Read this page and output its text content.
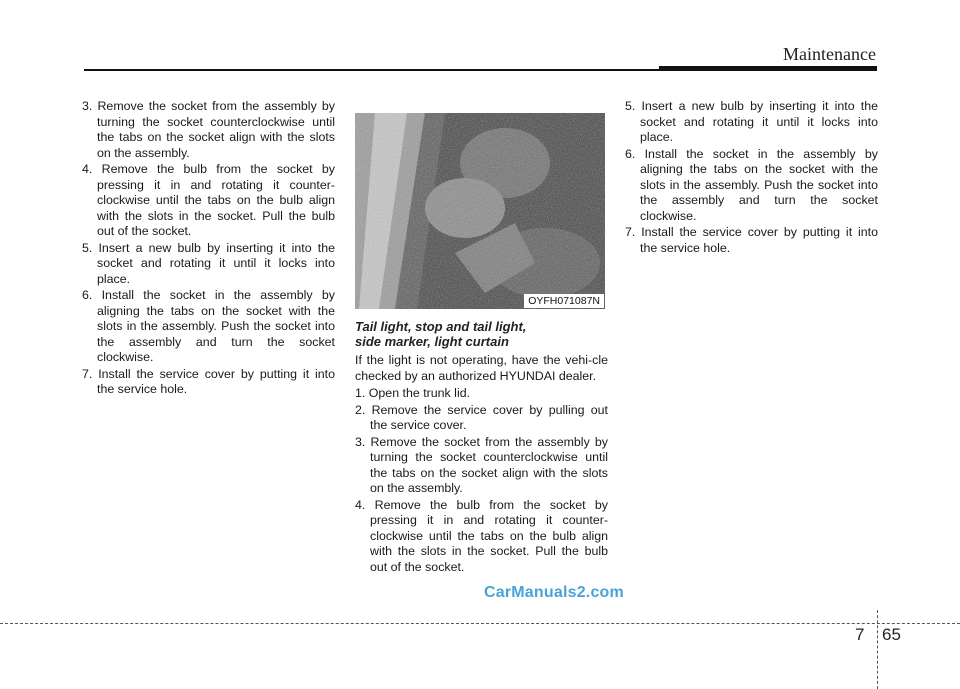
Maintenance

3. Remove the socket from the assembly by turning the socket counterclockwise until the tabs on the socket align with the slots on the assembly.

4. Remove the bulb from the socket by pressing it in and rotating it counter-clockwise until the tabs on the bulb align with the slots in the socket. Pull the bulb out of the socket.

5. Insert a new bulb by inserting it into the socket and rotating it until it locks into place.

6. Install the socket in the assembly by aligning the tabs on the socket with the slots in the assembly. Push the socket into the assembly and turn the socket clockwise.

7. Install the service cover by putting it into the service hole.

OYFH071087N
Tail light, stop and tail light,
side marker, light curtain

If the light is not operating, have the vehi-cle checked by an authorized HYUNDAI dealer.

1. Open the trunk lid.

2. Remove the service cover by pulling out the service cover.

3. Remove the socket from the assembly by turning the socket counterclockwise until the tabs on the socket align with the slots on the assembly.

4. Remove the bulb from the socket by pressing it in and rotating it counter-clockwise until the tabs on the bulb align with the slots in the socket. Pull the bulb out of the socket.

5. Insert a new bulb by inserting it into the socket and rotating it until it locks into place.

6. Install the socket in the assembly by aligning the tabs on the socket with the slots in the assembly. Push the socket into the assembly and turn the socket clockwise.

7. Install the service cover by putting it into the service hole.

CarManuals2.com
7 65
